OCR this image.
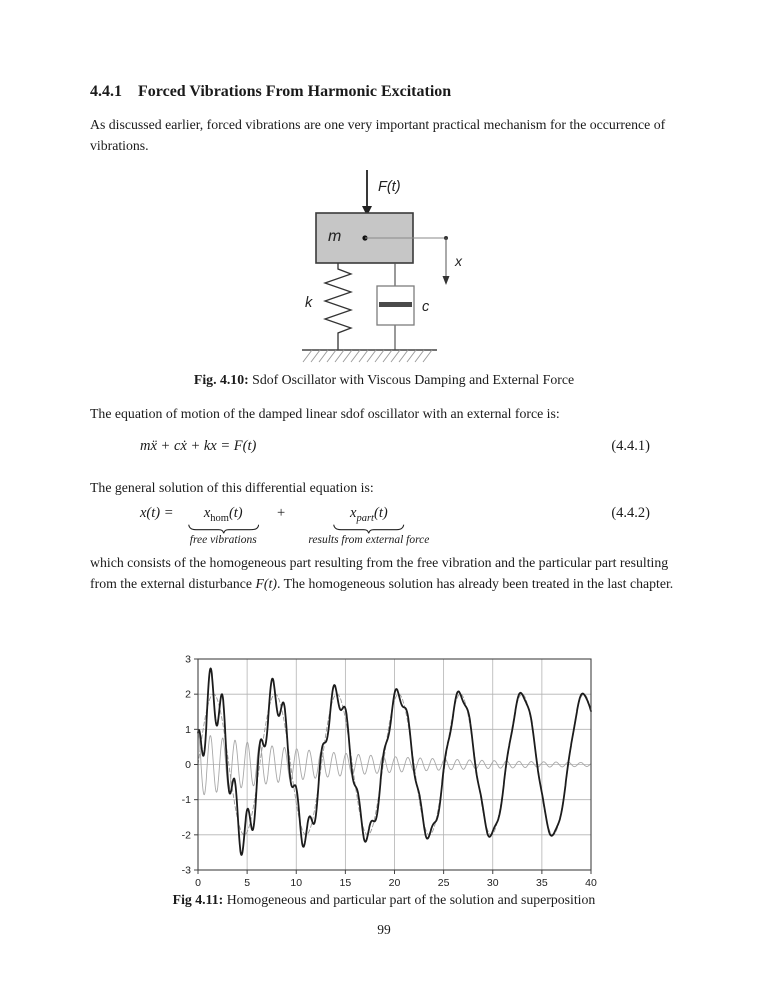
4.4.1 Forced Vibrations From Harmonic Excitation
As discussed earlier, forced vibrations are one very important practical mechanism for the occurrence of vibrations.
F(t)
m
x
k	c
Fig. 4.10: Sdof Oscillator with Viscous Damping and External Force
The equation of motion of the damped linear sdof oscillator with an external force is:
mẍ + cẋ + kx = F(t)	(4.4.1)
The general solution of this differential equation is:
x(t) =	$x_{hom}(t)$
free vibrations
+	$x_{part}(t)$
results from external force
(4.4.2)
which consists of the homogeneous part resulting from the free vibration and the particular part resulting from the external disturbance F(t). The homogeneous solution has already been treated in the last chapter.
0	5	10	15	20	25	30	35	40
-3
-2
-1
0
1
2
3
Fig 4.11: Homogeneous and particular part of the solution and superposition
99
